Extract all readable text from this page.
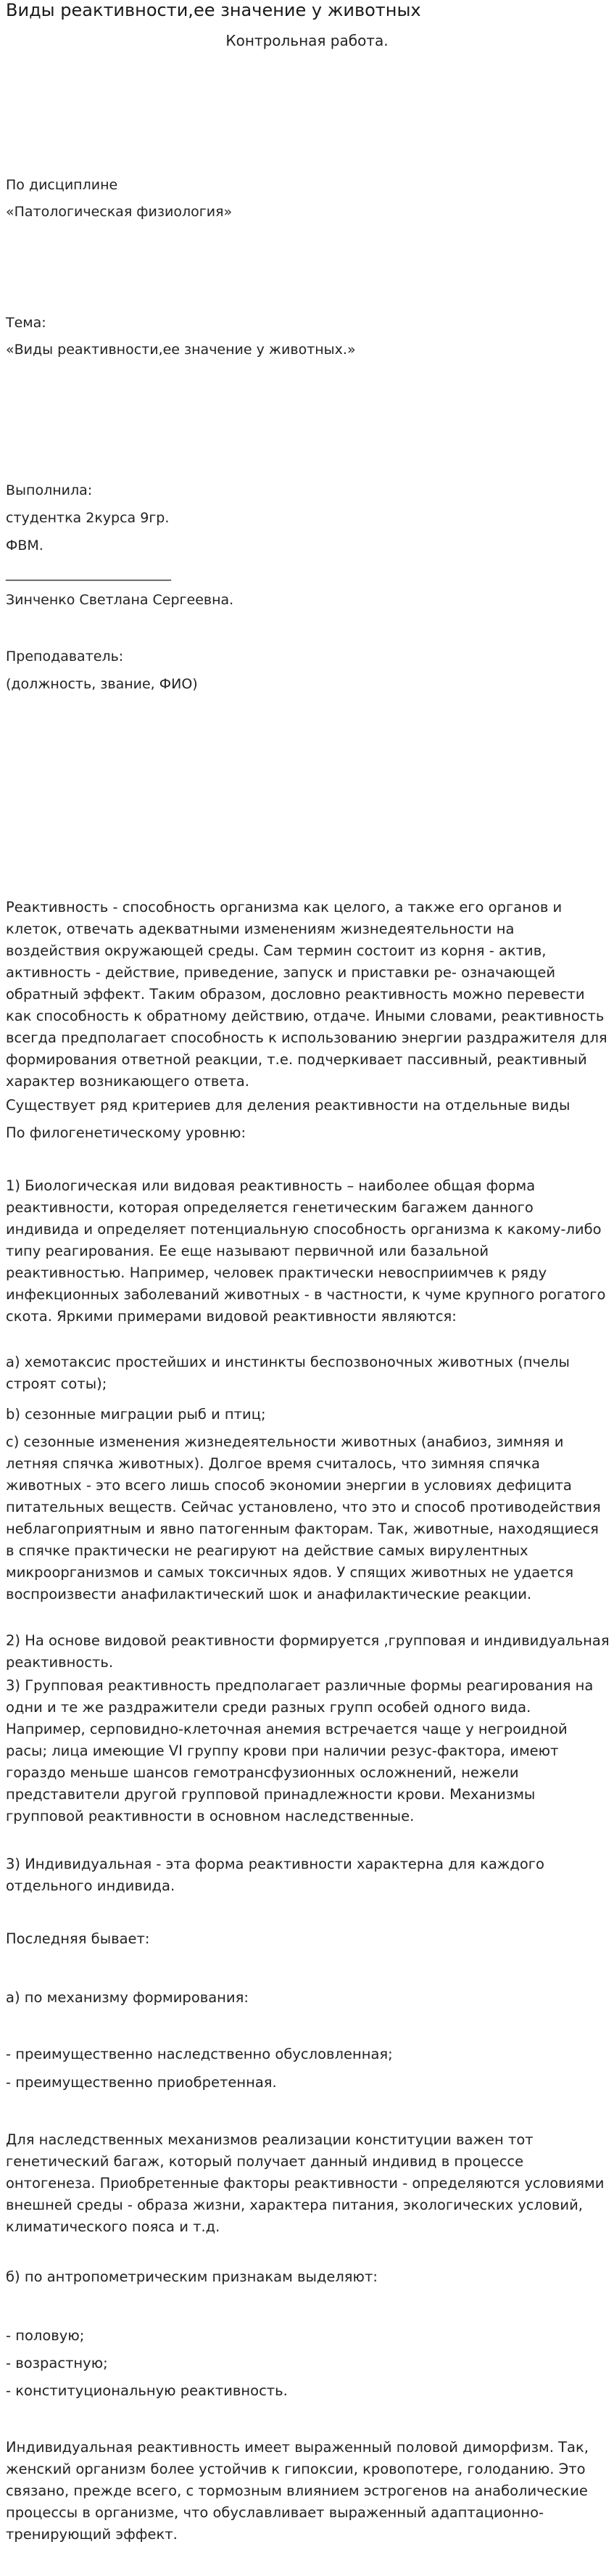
Виды реактивности,ее значение у животных
Контрольная работа.

По дисциплине

«Патологическая физиология»

Тема:

«Виды реактивности,ее значение у животных.»

Выполнила:

студентка 2курса 9гр.

ФВМ.

________________________

Зинченко Светлана Сергеевна.

Преподаватель:

(должность, звание, ФИО)

Реактивность - способность организма как целого, а также его органов и клеток, отвечать адекватными изменениям жизнедеятельности на воздействия окружающей среды. Сам термин состоит из корня - актив, активность - действие, приведение, запуск и приставки ре- означающей обратный эффект. Таким образом, дословно реактивность можно перевести как способность к обратному действию, отдаче. Иными словами, реактивность всегда предполагает способность к использованию энергии раздражителя для формирования ответной реакции, т.е. подчеркивает пассивный, реактивный характер возникающего ответа.

Существует ряд критериев для деления реактивности на отдельные виды

По филогенетическому уровню:

1) Биологическая или видовая реактивность – наиболее общая форма реактивности, которая определяется генетическим багажем данного индивида и определяет потенциальную способность организма к какому-либо типу реагирования. Ее еще называют первичной или базальной реактивностью. Например, человек практически невосприимчев к ряду инфекционных заболеваний животных - в частности, к чуме крупного рогатого скота. Яркими примерами видовой реактивности являются:

а) хемотаксис простейших и инстинкты беспозвоночных животных (пчелы строят соты);

b) сезонные миграции рыб и птиц;

с) сезонные изменения жизнедеятельности животных (анабиоз, зимняя и летняя спячка животных). Долгое время считалось, что зимняя спячка животных - это всего лишь способ экономии энергии в условиях дефицита питательных веществ. Сейчас установлено, что это и способ противодействия неблагоприятным и явно патогенным факторам. Так, животные, находящиеся в спячке практически не реагируют на действие самых вирулентных микроорганизмов и самых токсичных ядов. У спящих животных не удается воспроизвести анафилактический шок и анафилактические реакции.

2) На основе видовой реактивности формируется ,групповая и индивидуальная реактивность.

3) Групповая реактивность предполагает различные формы реагирования на одни и те же раздражители среди разных групп особей одного вида. Например, серповидно-клеточная анемия встречается чаще у негроидной расы; лица имеющие VI группу крови при наличии резус-фактора, имеют гораздо меньше шансов гемотрансфузионных осложнений, нежели представители другой групповой принадлежности крови. Механизмы групповой реактивности в основном наследственные.

3) Индивидуальная - эта форма реактивности характерна для каждого отдельного индивида.

Последняя бывает:

а) по механизму формирования:

- преимущественно наследственно обусловленная;

- преимущественно приобретенная.

Для наследственных механизмов реализации конституции важен тот генетический багаж, который получает данный индивид в процессе онтогенеза. Приобретенные факторы реактивности - определяются условиями внешней среды - образа жизни, характера питания, экологических условий, климатического пояса и т.д.

б) по антропометрическим признакам выделяют:

- половую;

- возрастную;

- конституциональную реактивность.

Индивидуальная реактивность имеет выраженный половой диморфизм. Так, женский организм более устойчив к гипоксии, кровопотере, голоданию. Это связано, прежде всего, с тормозным влиянием эстрогенов на анаболические процессы в организме, что обуславливает выраженный адаптационно-тренирующий эффект.
